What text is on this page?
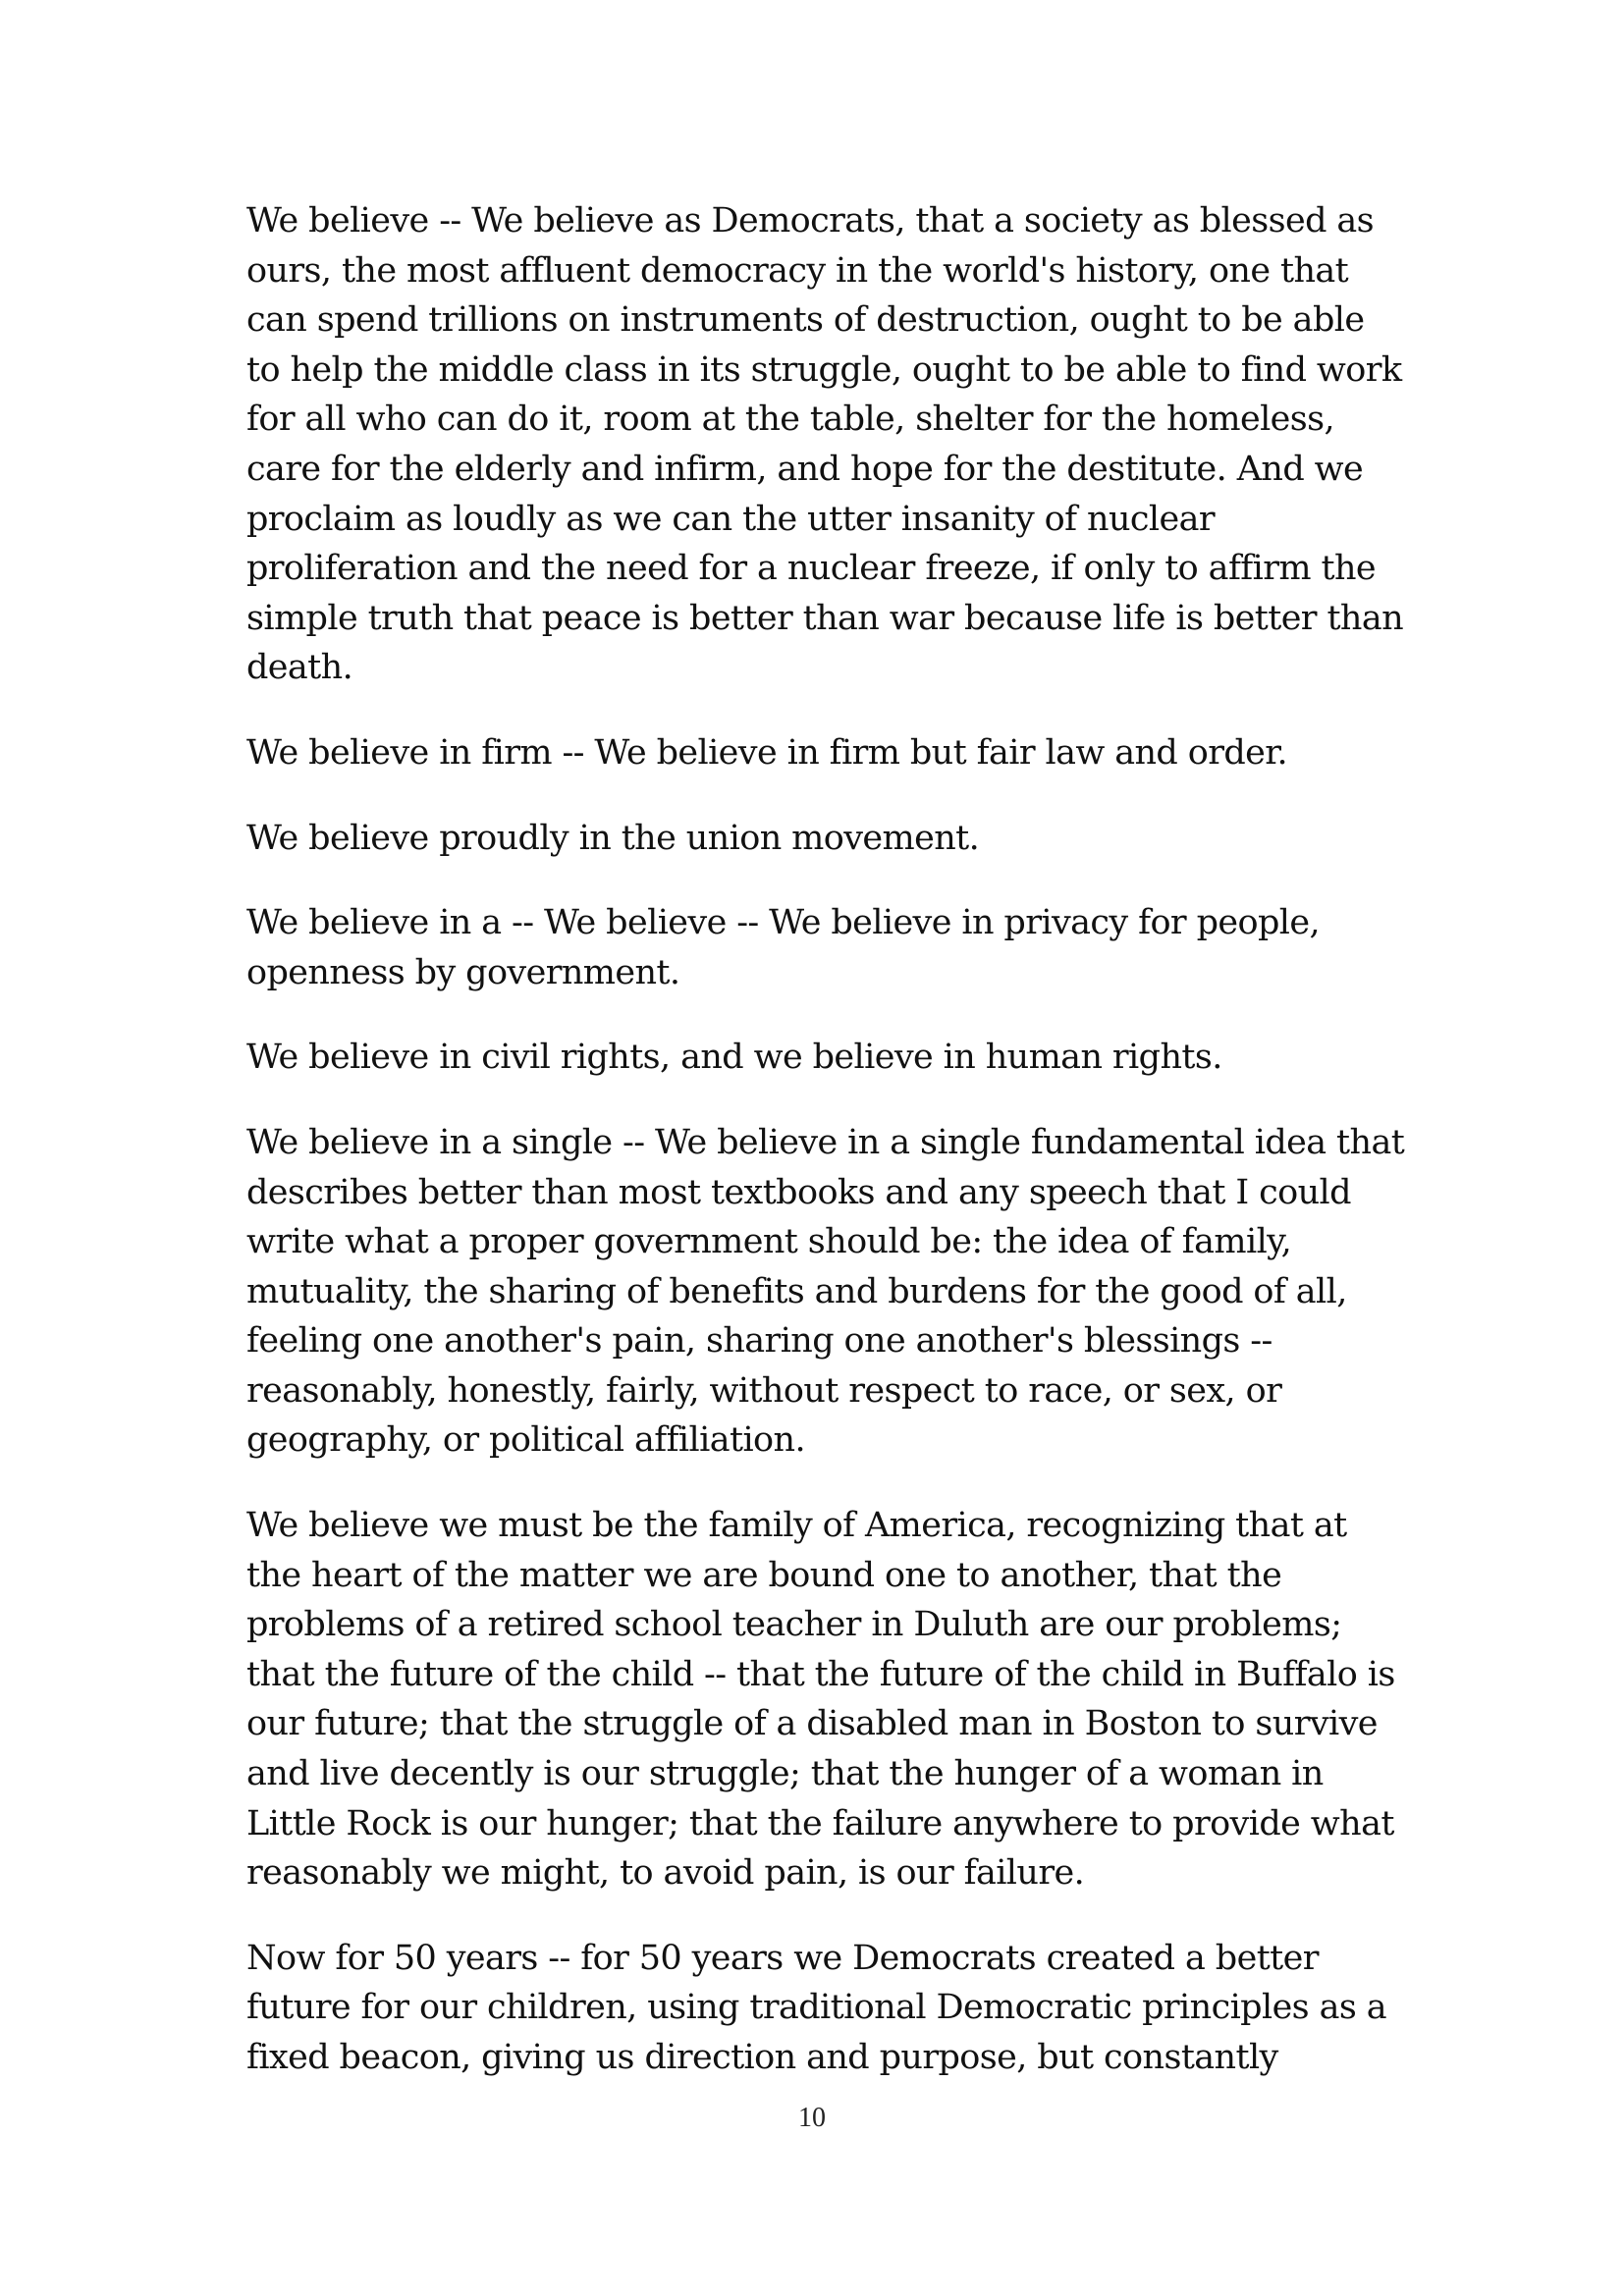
We believe -- We believe as Democrats, that a society as blessed as ours, the most affluent democracy in the world's history, one that can spend trillions on instruments of destruction, ought to be able to help the middle class in its struggle, ought to be able to find work for all who can do it, room at the table, shelter for the homeless, care for the elderly and infirm, and hope for the destitute. And we proclaim as loudly as we can the utter insanity of nuclear proliferation and the need for a nuclear freeze, if only to affirm the simple truth that peace is better than war because life is better than death.

We believe in firm -- We believe in firm but fair law and order.

We believe proudly in the union movement.

We believe in a -- We believe -- We believe in privacy for people, openness by government.

We believe in civil rights, and we believe in human rights.

We believe in a single -- We believe in a single fundamental idea that describes better than most textbooks and any speech that I could write what a proper government should be: the idea of family, mutuality, the sharing of benefits and burdens for the good of all, feeling one another's pain, sharing one another's blessings -- reasonably, honestly, fairly, without respect to race, or sex, or geography, or political affiliation.

We believe we must be the family of America, recognizing that at the heart of the matter we are bound one to another, that the problems of a retired school teacher in Duluth are our problems; that the future of the child -- that the future of the child in Buffalo is our future; that the struggle of a disabled man in Boston to survive and live decently is our struggle; that the hunger of a woman in Little Rock is our hunger; that the failure anywhere to provide what reasonably we might, to avoid pain, is our failure.

Now for 50 years -- for 50 years we Democrats created a better future for our children, using traditional Democratic principles as a fixed beacon, giving us direction and purpose, but constantly

10
